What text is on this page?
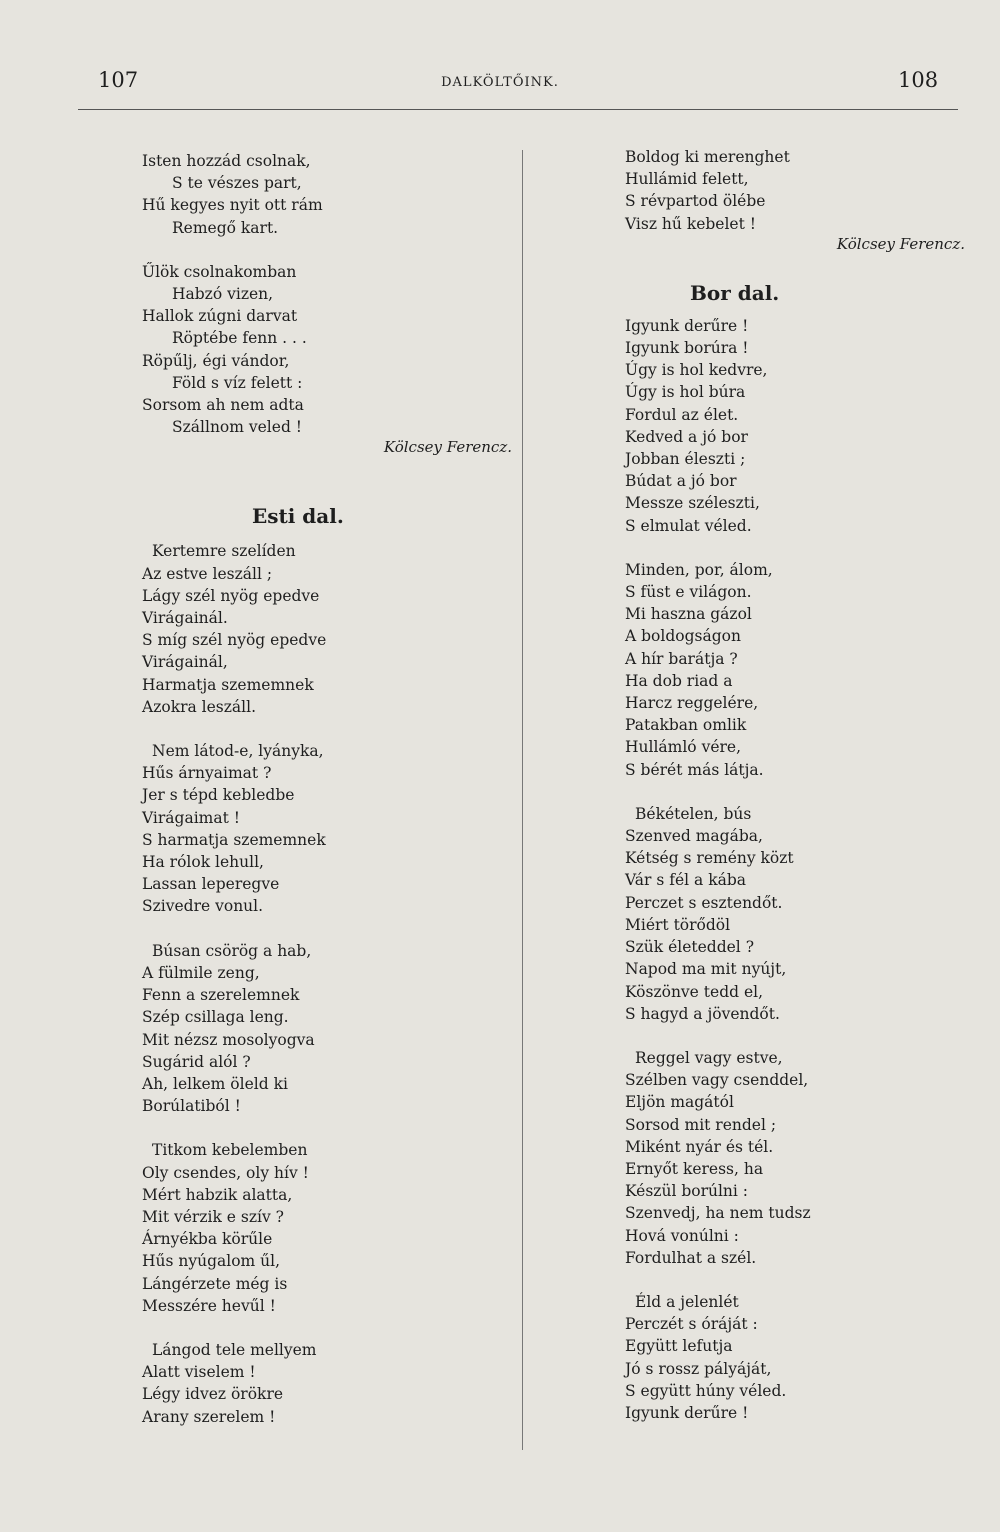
107	DALKÖLTŐINK.	108
Isten hozzád csolnak,
S te vészes part,
Hű kegyes nyit ott rám
Remegő kart.
Űlök csolnakomban
Habzó vizen,
Hallok zúgni darvat
Röptébe fenn . . .
Röpűlj, égi vándor,
Föld s víz felett :
Sorsom ah nem adta
Szállnom veled !
Kölcsey Ferencz.
Esti dal.
Kertemre szelíden
Az estve leszáll ;
Lágy szél nyög epedve
Virágainál.
S míg szél nyög epedve
Virágainál,
Harmatja szememnek
Azokra leszáll.
Nem látod-e, lyányka,
Hűs árnyaimat ?
Jer s tépd kebledbe
Virágaimat !
S harmatja szememnek
Ha rólok lehull,
Lassan leperegve
Szivedre vonul.
Búsan csörög a hab,
A fülmile zeng,
Fenn a szerelemnek
Szép csillaga leng.
Mit nézsz mosolyogva
Sugárid alól ?
Ah, lelkem öleld ki
Borúlatiból !
Titkom kebelemben
Oly csendes, oly hív !
Mért habzik alatta,
Mit vérzik e szív ?
Árnyékba körűle
Hűs nyúgalom űl,
Lángérzete még is
Messzére hevűl !
Lángod tele mellyem
Alatt viselem !
Légy idvez örökre
Arany szerelem !
Boldog ki merenghet
Hullámid felett,
S révpartod ölébe
Visz hű kebelet !
Kölcsey Ferencz.
Bor dal.
Igyunk derűre !
Igyunk borúra !
Úgy is hol kedvre,
Úgy is hol búra
Fordul az élet.
Kedved a jó bor
Jobban éleszti ;
Búdat a jó bor
Messze széleszti,
S elmulat véled.
Minden, por, álom,
S füst e világon.
Mi haszna gázol
A boldogságon
A hír barátja ?
Ha dob riad a
Harcz reggelére,
Patakban omlik
Hullámló vére,
S bérét más látja.
Békételen, bús
Szenved magába,
Kétség s remény közt
Vár s fél a kába
Perczet s esztendőt.
Miért törődöl
Szük életeddel ?
Napod ma mit nyújt,
Köszönve tedd el,
S hagyd a jövendőt.
Reggel vagy estve,
Szélben vagy csenddel,
Eljön magától
Sorsod mit rendel ;
Miként nyár és tél.
Ernyőt keress, ha
Készül borúlni :
Szenvedj, ha nem tudsz
Hová vonúlni :
Fordulhat a szél.
Éld a jelenlét
Perczét s óráját :
Együtt lefutja
Jó s rossz pályáját,
S együtt húny véled.
Igyunk derűre !
